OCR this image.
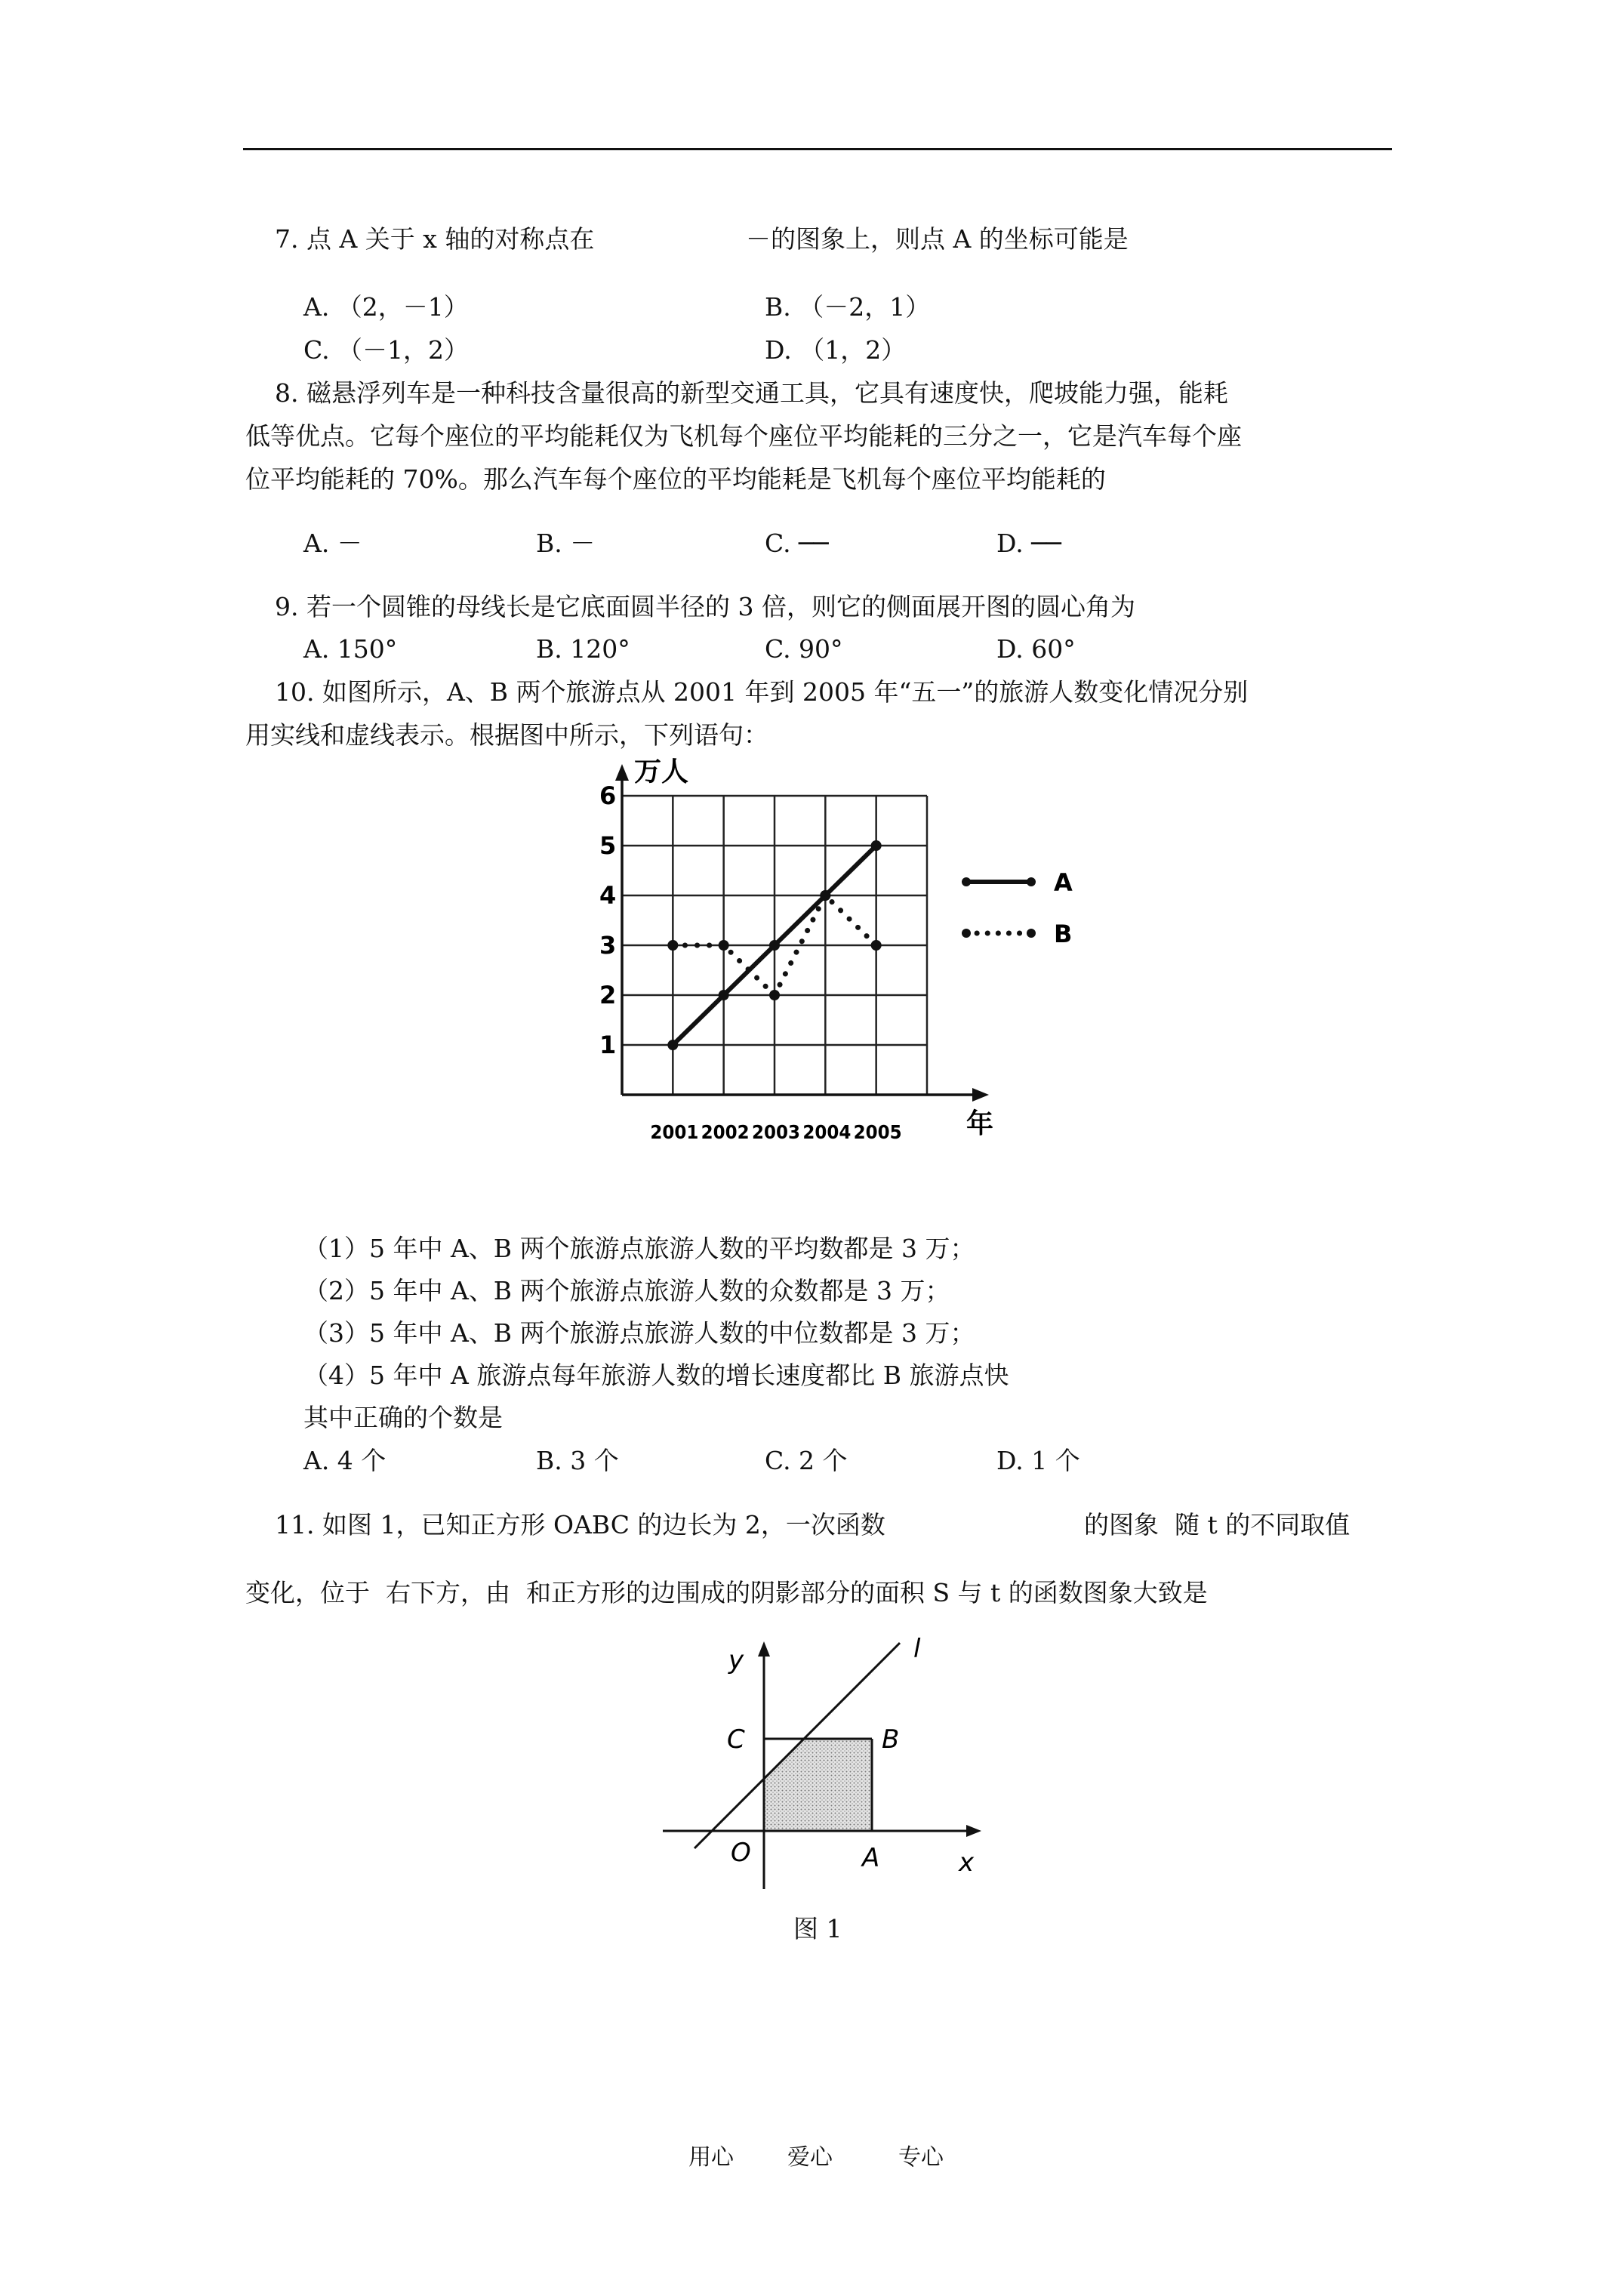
7. 点 A 关于 x 轴的对称点在	－的图象上，则点 A 的坐标可能是
A. （2，－1）	B. （－2，1）
C. （－1，2）	D. （1，2）
8. 磁悬浮列车是一种科技含量很高的新型交通工具，它具有速度快，爬坡能力强，能耗
低等优点。它每个座位的平均能耗仅为飞机每个座位平均能耗的三分之一，它是汽车每个座
位平均能耗的 70%。那么汽车每个座位的平均能耗是飞机每个座位平均能耗的
A. －	B. －	C. ──	D. ──
9. 若一个圆锥的母线长是它底面圆半径的 3 倍，则它的侧面展开图的圆心角为
A. 150°	B. 120°	C. 90°	D. 60°
10. 如图所示，A、B 两个旅游点从 2001 年到 2005 年“五一”的旅游人数变化情况分别
用实线和虚线表示。根据图中所示，下列语句：
1
2
3
4
5
6
2001 2002 2003 2004 2005
万人
年
A
B
（1）5 年中 A、B 两个旅游点旅游人数的平均数都是 3 万；
（2）5 年中 A、B 两个旅游点旅游人数的众数都是 3 万；
（3）5 年中 A、B 两个旅游点旅游人数的中位数都是 3 万；
（4）5 年中 A 旅游点每年旅游人数的增长速度都比 B 旅游点快
其中正确的个数是
A. 4 个	B. 3 个	C. 2 个	D. 1 个
11. 如图 1，已知正方形 OABC 的边长为 2，一次函数	的图象  随 t 的不同取值
变化，位于  右下方，由  和正方形的边围成的阴影部分的面积 S 与 t 的函数图象大致是
y	l
C	B
O	A	x
图 1
用心 爱心	专心
